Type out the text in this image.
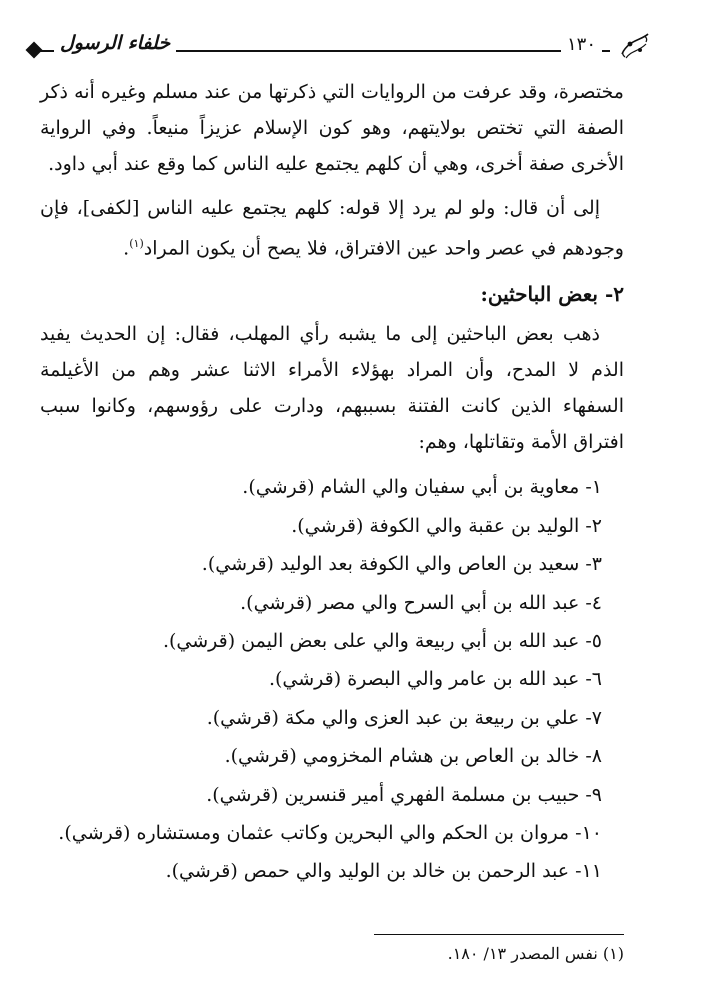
خلفاء الرسول	١٣٠

مختصرة، وقد عرفت من الروايات التي ذكرتها من عند مسلم وغيره أنه ذكر الصفة التي تختص بولايتهم، وهو كون الإسلام عزيزاً منيعاً. وفي الرواية الأخرى صفة أخرى، وهي أن كلهم يجتمع عليه الناس كما وقع عند أبي داود.

إلى أن قال: ولو لم يرد إلا قوله: كلهم يجتمع عليه الناس [لكفى]، فإن وجودهم في عصر واحد عين الافتراق، فلا يصح أن يكون المراد$^{(١)}$.

٢- بعض الباحثين:

ذهب بعض الباحثين إلى ما يشبه رأي المهلب، فقال: إن الحديث يفيد الذم لا المدح، وأن المراد بهؤلاء الأمراء الاثنا عشر وهم من الأغيلمة السفهاء الذين كانت الفتنة بسببهم، ودارت على رؤوسهم، وكانوا سبب افتراق الأمة وتقاتلها، وهم:

١- معاوية بن أبي سفيان والي الشام (قرشي).
٢- الوليد بن عقبة والي الكوفة (قرشي).
٣- سعيد بن العاص والي الكوفة بعد الوليد (قرشي).
٤- عبد الله بن أبي السرح والي مصر (قرشي).
٥- عبد الله بن أبي ربيعة والي على بعض اليمن (قرشي).
٦- عبد الله بن عامر والي البصرة (قرشي).
٧- علي بن ربيعة بن عبد العزى والي مكة (قرشي).
٨- خالد بن العاص بن هشام المخزومي (قرشي).
٩- حبيب بن مسلمة الفهري أمير قنسرين (قرشي).
١٠- مروان بن الحكم والي البحرين وكاتب عثمان ومستشاره (قرشي).
١١- عبد الرحمن بن خالد بن الوليد والي حمص (قرشي).
(١) نفس المصدر ١٣/ ١٨٠.
